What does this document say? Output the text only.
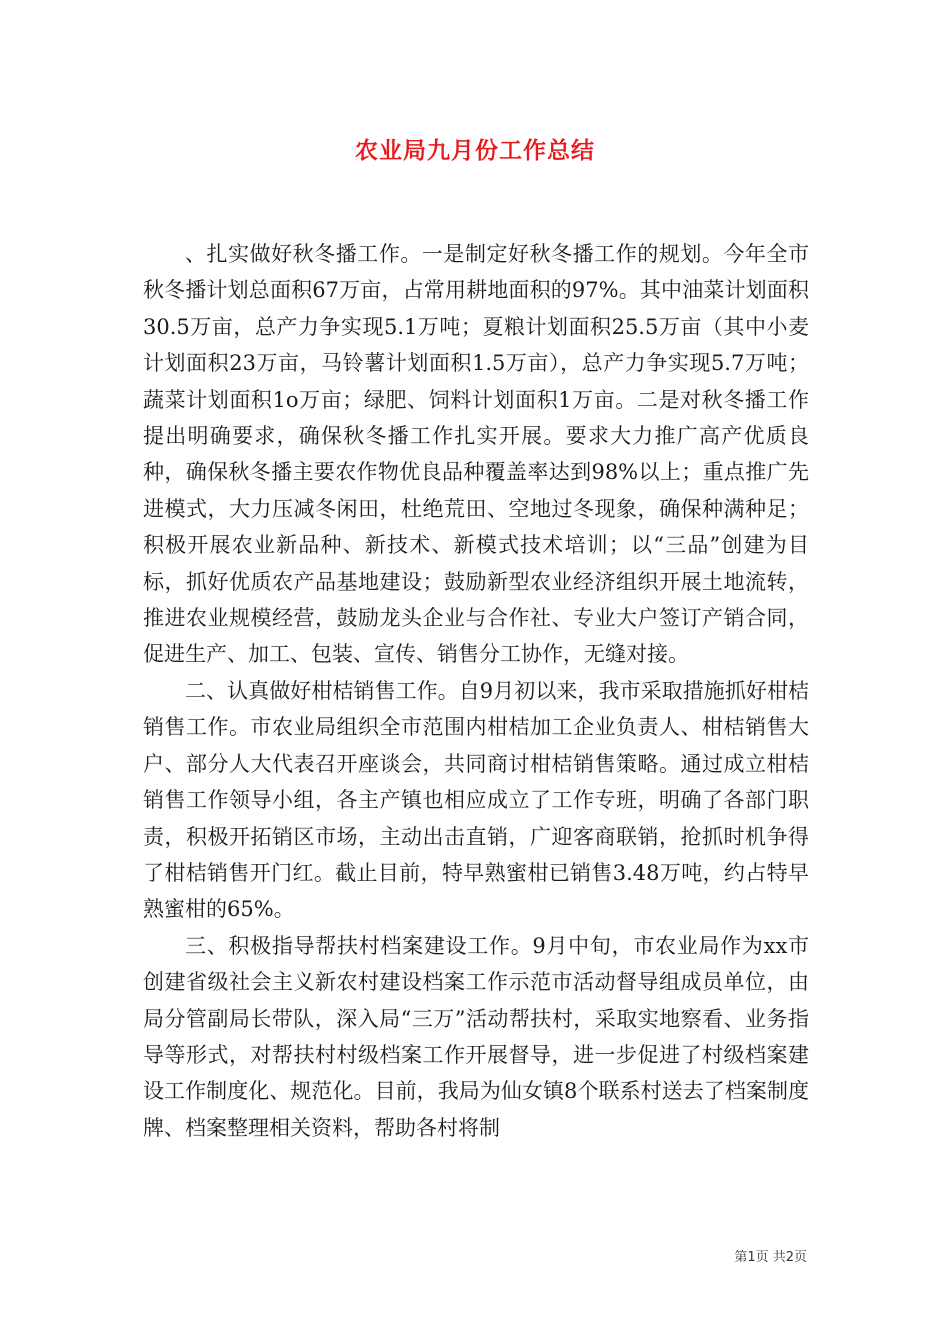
农业局九月份工作总结

、扎实做好秋冬播工作。一是制定好秋冬播工作的规划。今年全市秋冬播计划总面积67万亩，占常用耕地面积的97%。其中油菜计划面积30.5万亩，总产力争实现5.1万吨；夏粮计划面积25.5万亩（其中小麦计划面积23万亩，马铃薯计划面积1.5万亩），总产力争实现5.7万吨；蔬菜计划面积1o万亩；绿肥、饲料计划面积1万亩。二是对秋冬播工作提出明确要求，确保秋冬播工作扎实开展。要求大力推广高产优质良种，确保秋冬播主要农作物优良品种覆盖率达到98%以上；重点推广先进模式，大力压减冬闲田，杜绝荒田、空地过冬现象，确保种满种足；积极开展农业新品种、新技术、新模式技术培训；以“三品”创建为目标，抓好优质农产品基地建设；鼓励新型农业经济组织开展土地流转，推进农业规模经营，鼓励龙头企业与合作社、专业大户签订产销合同，促进生产、加工、包装、宣传、销售分工协作，无缝对接。

二、认真做好柑桔销售工作。自9月初以来，我市采取措施抓好柑桔销售工作。市农业局组织全市范围内柑桔加工企业负责人、柑桔销售大户、部分人大代表召开座谈会，共同商讨柑桔销售策略。通过成立柑桔销售工作领导小组，各主产镇也相应成立了工作专班，明确了各部门职责，积极开拓销区市场，主动出击直销，广迎客商联销，抢抓时机争得了柑桔销售开门红。截止目前，特早熟蜜柑已销售3.48万吨，约占特早熟蜜柑的65%。

三、积极指导帮扶村档案建设工作。9月中旬，市农业局作为xx市创建省级社会主义新农村建设档案工作示范市活动督导组成员单位，由局分管副局长带队，深入局“三万”活动帮扶村，采取实地察看、业务指导等形式，对帮扶村村级档案工作开展督导，进一步促进了村级档案建设工作制度化、规范化。目前，我局为仙女镇8个联系村送去了档案制度牌、档案整理相关资料，帮助各村将制

第1页 共2页
